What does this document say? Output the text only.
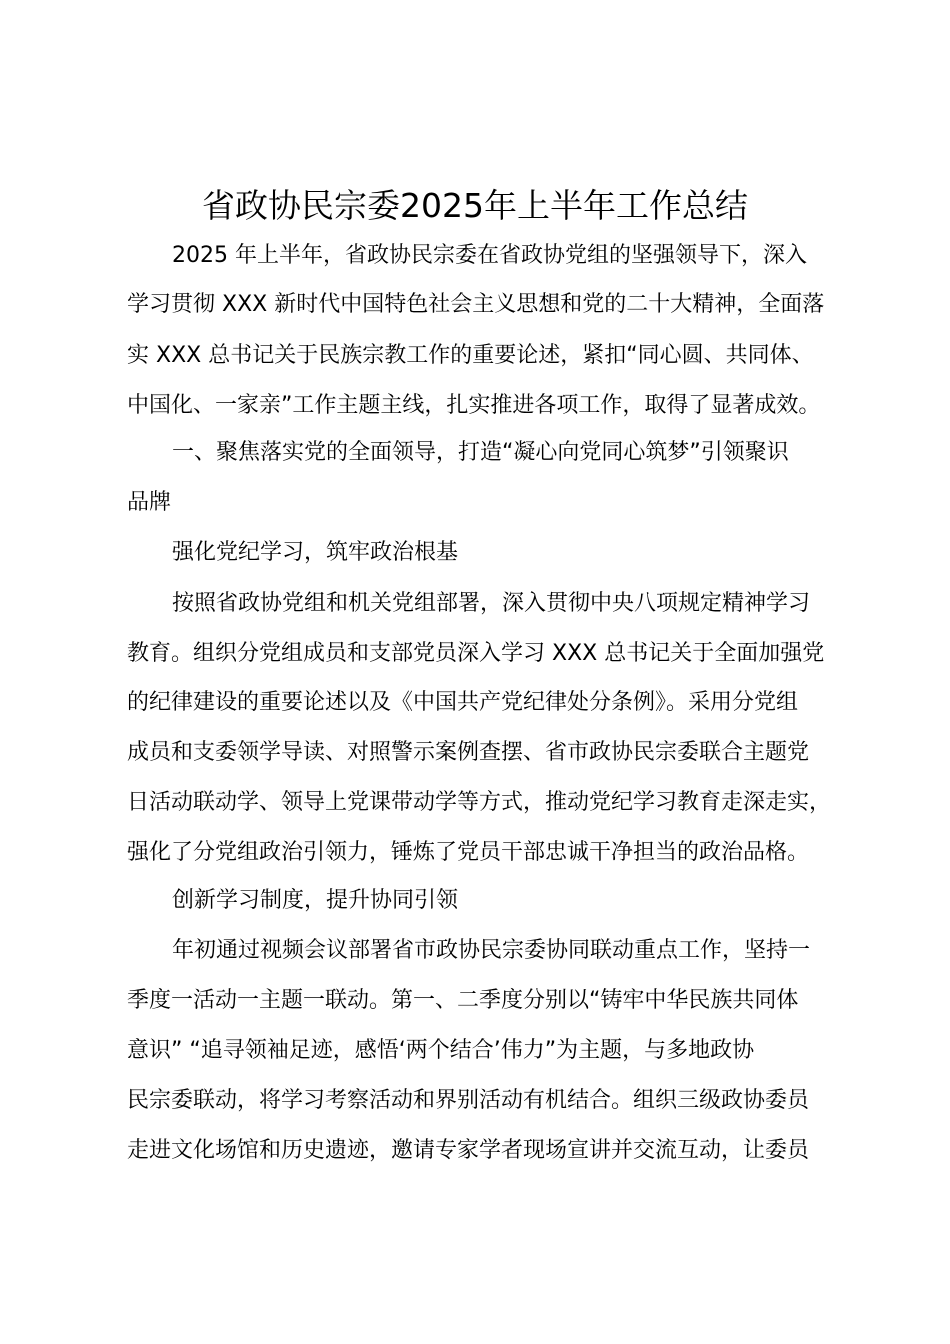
省政协民宗委2025年上半年工作总结

2025 年上半年，省政协民宗委在省政协党组的坚强领导下，深入

学习贯彻 XXX 新时代中国特色社会主义思想和党的二十大精神，全面落

实 XXX 总书记关于民族宗教工作的重要论述，紧扣“同心圆、共同体、

中国化、一家亲”工作主题主线，扎实推进各项工作，取得了显著成效。

一、聚焦落实党的全面领导，打造“凝心向党同心筑梦”引领聚识

品牌

强化党纪学习，筑牢政治根基

按照省政协党组和机关党组部署，深入贯彻中央八项规定精神学习

教育。组织分党组成员和支部党员深入学习 XXX 总书记关于全面加强党

的纪律建设的重要论述以及《中国共产党纪律处分条例》。采用分党组

成员和支委领学导读、对照警示案例查摆、省市政协民宗委联合主题党

日活动联动学、领导上党课带动学等方式，推动党纪学习教育走深走实，

强化了分党组政治引领力，锤炼了党员干部忠诚干净担当的政治品格。

创新学习制度，提升协同引领

年初通过视频会议部署省市政协民宗委协同联动重点工作，坚持一

季度一活动一主题一联动。第一、二季度分别以“铸牢中华民族共同体

意识” “追寻领袖足迹，感悟‘两个结合’伟力”为主题，与多地政协

民宗委联动，将学习考察活动和界别活动有机结合。组织三级政协委员

走进文化场馆和历史遗迹，邀请专家学者现场宣讲并交流互动，让委员
